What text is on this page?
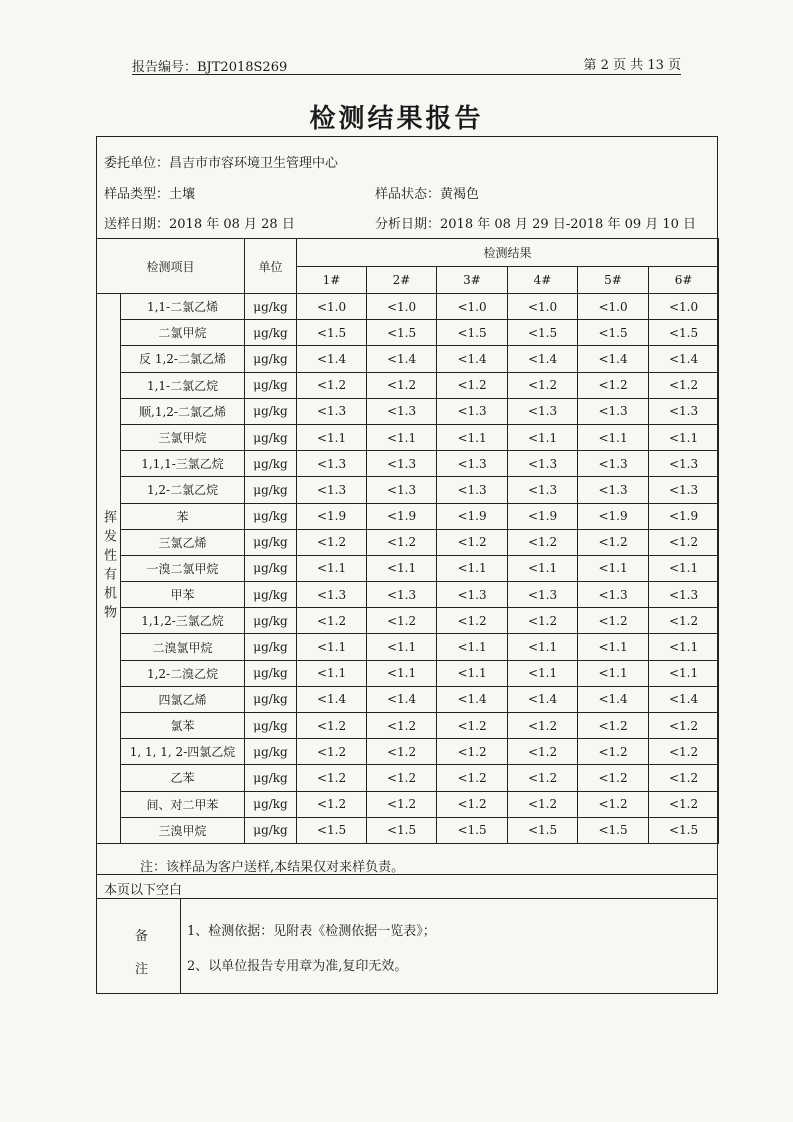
报告编号：BJT2018S269	第 2 页 共 13 页
检测结果报告
委托单位：昌吉市市容环境卫生管理中心
样品类型：土壤	样品状态：黄褐色
送样日期：2018 年 08 月 28 日	分析日期：2018 年 08 月 29 日-2018 年 09 月 10 日
检测项目		单位	检测结果					
			1#	2#	3#	4#	5#	6#
挥发性有机物	1,1-二氯乙烯	μg/kg	<1.0	<1.0	<1.0	<1.0	<1.0	<1.0
	二氯甲烷	μg/kg	<1.5	<1.5	<1.5	<1.5	<1.5	<1.5
	反 1,2-二氯乙烯	μg/kg	<1.4	<1.4	<1.4	<1.4	<1.4	<1.4
	1,1-二氯乙烷	μg/kg	<1.2	<1.2	<1.2	<1.2	<1.2	<1.2
	顺,1,2-二氯乙烯	μg/kg	<1.3	<1.3	<1.3	<1.3	<1.3	<1.3
	三氯甲烷	μg/kg	<1.1	<1.1	<1.1	<1.1	<1.1	<1.1
	1,1,1-三氯乙烷	μg/kg	<1.3	<1.3	<1.3	<1.3	<1.3	<1.3
	1,2-二氯乙烷	μg/kg	<1.3	<1.3	<1.3	<1.3	<1.3	<1.3
	苯	μg/kg	<1.9	<1.9	<1.9	<1.9	<1.9	<1.9
	三氯乙烯	μg/kg	<1.2	<1.2	<1.2	<1.2	<1.2	<1.2
	一溴二氯甲烷	μg/kg	<1.1	<1.1	<1.1	<1.1	<1.1	<1.1
	甲苯	μg/kg	<1.3	<1.3	<1.3	<1.3	<1.3	<1.3
	1,1,2-三氯乙烷	μg/kg	<1.2	<1.2	<1.2	<1.2	<1.2	<1.2
	二溴氯甲烷	μg/kg	<1.1	<1.1	<1.1	<1.1	<1.1	<1.1
	1,2-二溴乙烷	μg/kg	<1.1	<1.1	<1.1	<1.1	<1.1	<1.1
	四氯乙烯	μg/kg	<1.4	<1.4	<1.4	<1.4	<1.4	<1.4
	氯苯	μg/kg	<1.2	<1.2	<1.2	<1.2	<1.2	<1.2
	1, 1, 1, 2-四氯乙烷	μg/kg	<1.2	<1.2	<1.2	<1.2	<1.2	<1.2
	乙苯	μg/kg	<1.2	<1.2	<1.2	<1.2	<1.2	<1.2
	间、对二甲苯	μg/kg	<1.2	<1.2	<1.2	<1.2	<1.2	<1.2
	三溴甲烷	μg/kg	<1.5	<1.5	<1.5	<1.5	<1.5	<1.5
注：该样品为客户送样,本结果仅对来样负责。
本页以下空白
备
注
1、检测依据：见附表《检测依据一览表》；
2、以单位报告专用章为准,复印无效。
